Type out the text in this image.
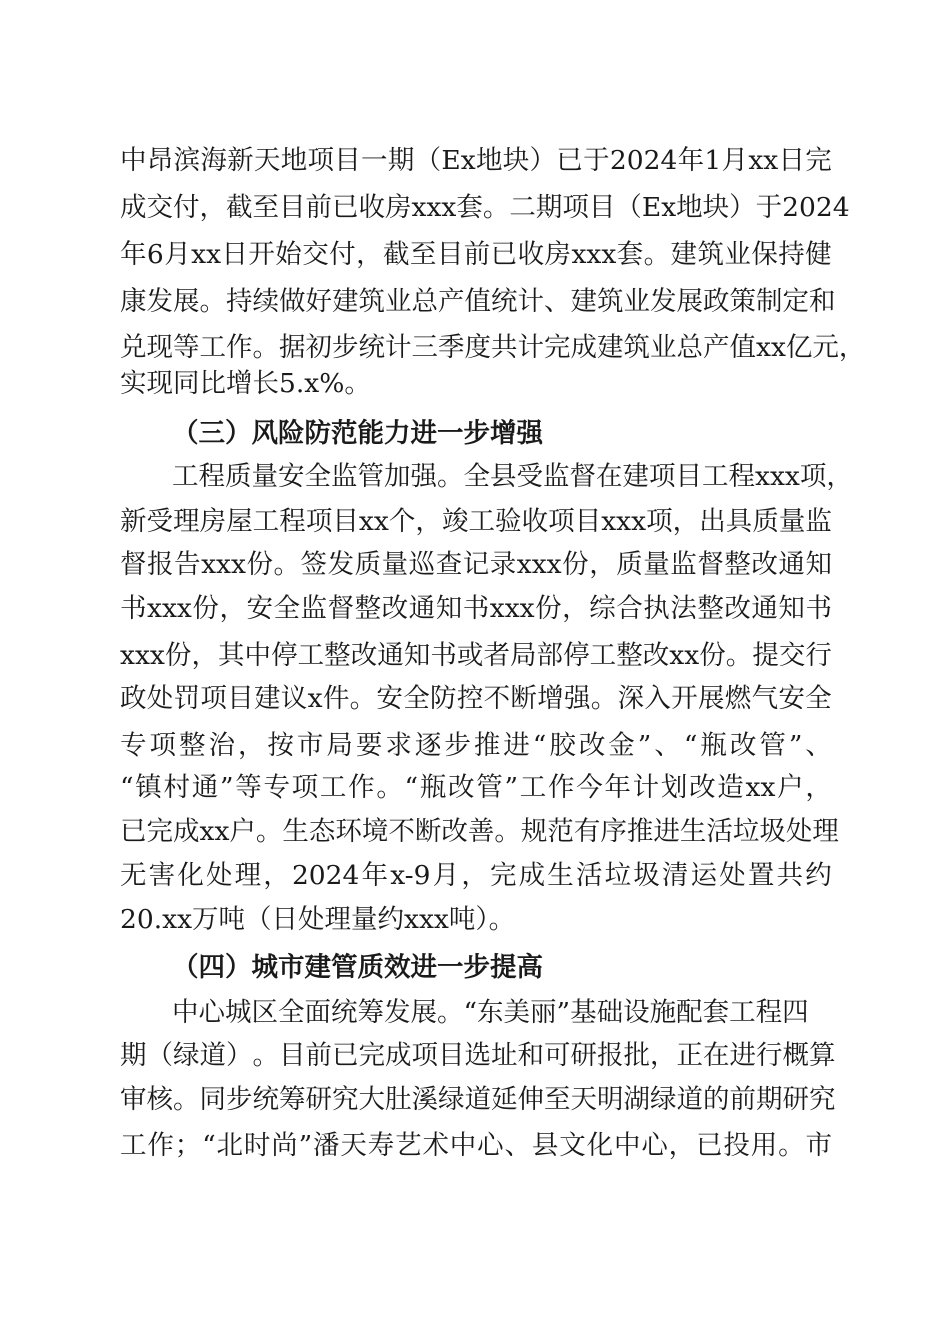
中 昂 滨 海 新 天 地 项 目 一 期 （ Ex 地 块 ） 已 于 2024 年 1 月 xx 日 完
成 交 付 ， 截 至 目 前 已 收 房 xxx 套 。 二 期 项 目 （ Ex 地 块 ） 于 2024
年 6 月 xx 日 开 始 交 付 ， 截 至 目 前 已 收 房 xxx 套 。 建 筑 业 保 持 健
康 发 展 。 持 续 做 好 建 筑 业 总 产 值 统 计 、 建 筑 业 发 展 政 策 制 定 和
兑 现 等 工 作 。 据 初 步 统 计 三 季 度 共 计 完 成 建 筑 业 总 产 值 xx 亿 元 ，
实现同比增长5.x%。
（三）风险防范能力进一步增强
工程质量安全监管加强。全县受监督在建项目工程xxx项，
新 受 理 房 屋 工 程 项 目 xx 个 ， 竣 工 验 收 项 目 xxx 项 ， 出 具 质 量 监
督 报 告 xxx 份 。 签 发 质 量 巡 查 记 录 xxx 份 ， 质 量 监 督 整 改 通 知
书 xxx 份 ， 安 全 监 督 整 改 通 知 书 xxx 份 ， 综 合 执 法 整 改 通 知 书
xxx 份 ， 其 中 停 工 整 改 通 知 书 或 者 局 部 停 工 整 改 xx 份 。 提 交 行
政 处 罚 项 目 建 议 x 件 。 安 全 防 控 不 断 增 强 。 深 入 开 展 燃 气 安 全
专 项 整 治 ， 按 市 局 要 求 逐 步 推 进 “ 胶 改 金 ” 、 “ 瓶 改 管 ” 、
“ 镇 村 通 ” 等 专 项 工 作 。 “ 瓶 改 管 ” 工 作 今 年 计 划 改 造 xx 户 ，
已 完 成 xx 户 。 生 态 环 境 不 断 改 善 。 规 范 有 序 推 进 生 活 垃 圾 处 理
无 害 化 处 理 ， 2024 年 x-9 月 ， 完 成 生 活 垃 圾 清 运 处 置 共 约
20.xx万吨（日处理量约xxx吨）。
（四）城市建管质效进一步提高
中心城区全面统筹发展。“东美丽”基础设施配套工程四
期 （ 绿 道 ） 。 目 前 已 完 成 项 目 选 址 和 可 研 报 批 ， 正 在 进 行 概 算
审 核 。 同 步 统 筹 研 究 大 肚 溪 绿 道 延 伸 至 天 明 湖 绿 道 的 前 期 研 究
工 作 ； “ 北 时 尚 ” 潘 天 寿 艺 术 中 心 、 县 文 化 中 心 ， 已 投 用 。 市
